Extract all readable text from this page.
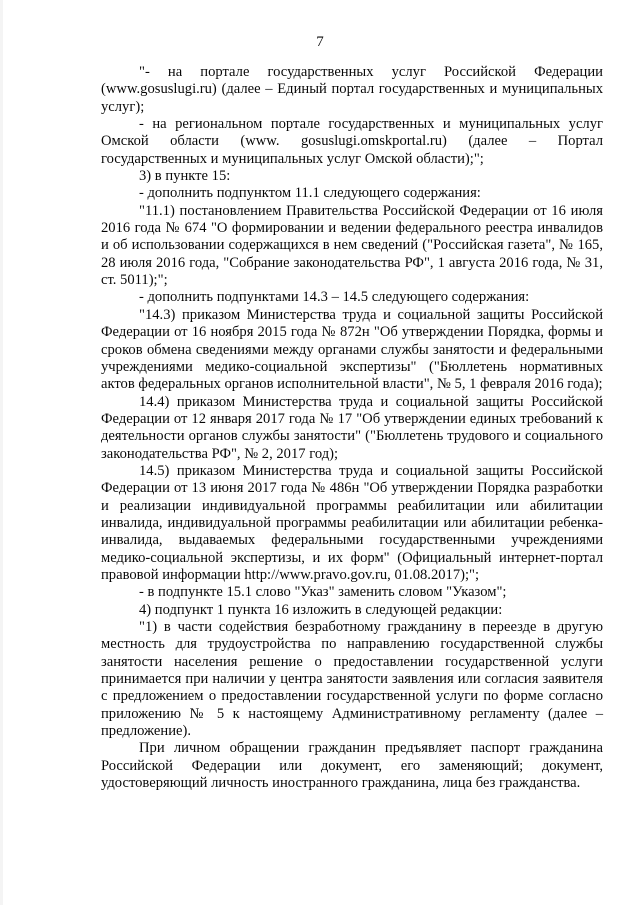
7

"- на портале государственных услуг Российской Федерации (www.gosuslugi.ru) (далее – Единый портал государственных и муниципальных услуг);

- на региональном портале государственных и муниципальных услуг Омской области (www. gosuslugi.omskportal.ru) (далее – Портал государственных и муниципальных услуг Омской области);";

3) в пункте 15:

- дополнить подпунктом 11.1 следующего содержания:

"11.1) постановлением Правительства Российской Федерации от 16 июля 2016 года № 674 "О формировании и ведении федерального реестра инвалидов и об использовании содержащихся в нем сведений ("Российская газета", № 165, 28 июля 2016 года, "Собрание законодательства РФ", 1 августа 2016 года, № 31, ст. 5011);";

- дополнить подпунктами 14.3 – 14.5 следующего содержания:

"14.3) приказом Министерства труда и социальной защиты Российской Федерации от 16 ноября 2015 года № 872н "Об утверждении Порядка, формы и сроков обмена сведениями между органами службы занятости и федеральными учреждениями медико-социальной экспертизы" ("Бюллетень нормативных актов федеральных органов исполнительной власти", № 5, 1 февраля 2016 года);

14.4) приказом Министерства труда и социальной защиты Российской Федерации от 12 января 2017 года № 17 "Об утверждении единых требований к деятельности органов службы занятости" ("Бюллетень трудового и социального законодательства РФ", № 2, 2017 год);

14.5) приказом Министерства труда и социальной защиты Российской Федерации от 13 июня 2017 года № 486н "Об утверждении Порядка разработки и реализации индивидуальной программы реабилитации или абилитации инвалида, индивидуальной программы реабилитации или абилитации ребенка-инвалида, выдаваемых федеральными государственными учреждениями медико-социальной экспертизы, и их форм" (Официальный интернет-портал правовой информации http://www.pravo.gov.ru, 01.08.2017);";

- в подпункте 15.1 слово "Указ" заменить словом "Указом";

4) подпункт 1 пункта 16 изложить в следующей редакции:

"1) в части содействия безработному гражданину в переезде в другую местность для трудоустройства по направлению государственной службы занятости населения решение о предоставлении государственной услуги принимается при наличии у центра занятости заявления или согласия заявителя с предложением о предоставлении государственной услуги по форме согласно приложению № 5 к настоящему Административному регламенту (далее – предложение).

При личном обращении гражданин предъявляет паспорт гражданина Российской Федерации или документ, его заменяющий; документ, удостоверяющий личность иностранного гражданина, лица без гражданства.
